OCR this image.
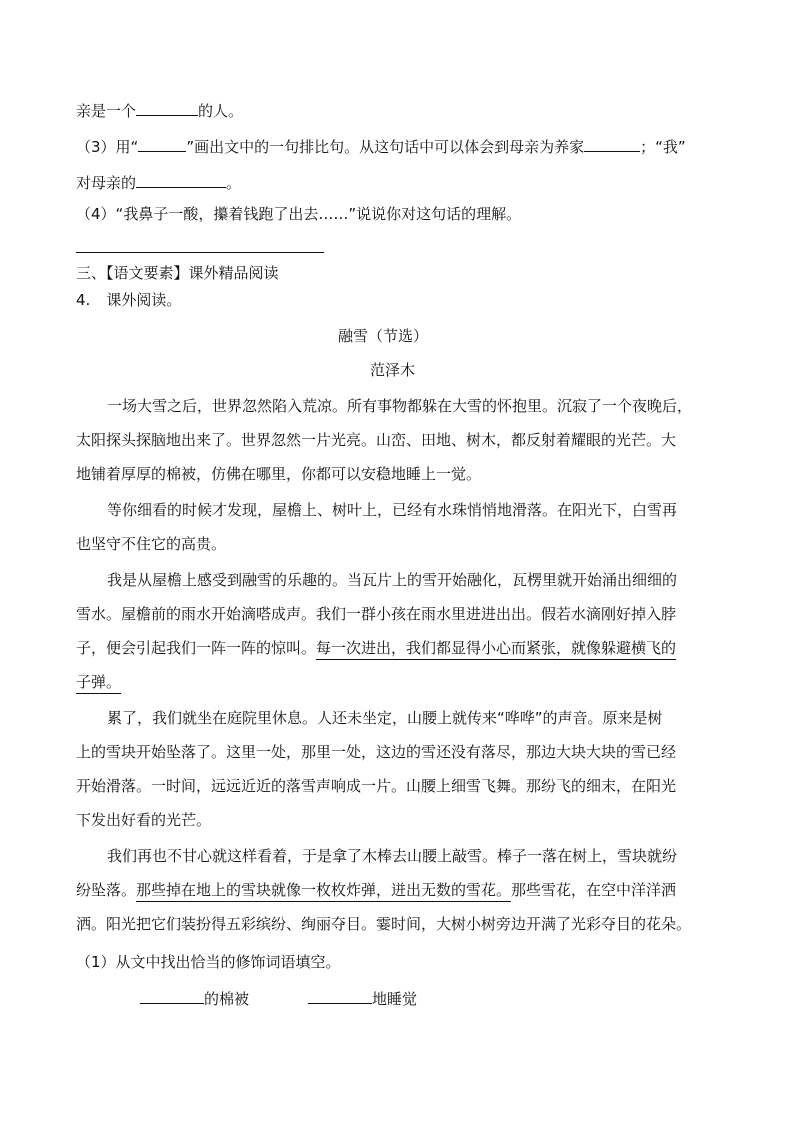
亲是一个	的人。
（3）用“	”画出文中的一句排比句。从这句话中可以体会到母亲为养家	；“我”
对母亲的	。
（4）“我鼻子一酸，攥着钱跑了出去……”说说你对这句话的理解。
三、【语文要素】课外精品阅读
4. 课外阅读。
融雪（节选）
范泽木
一场大雪之后，世界忽然陷入荒凉。所有事物都躲在大雪的怀抱里。沉寂了一个夜晚后，
太阳探头探脑地出来了。世界忽然一片光亮。山峦、田地、树木，都反射着耀眼的光芒。大
地铺着厚厚的棉被，仿佛在哪里，你都可以安稳地睡上一觉。
等你细看的时候才发现，屋檐上、树叶上，已经有水珠悄悄地滑落。在阳光下，白雪再
也坚守不住它的高贵。
我是从屋檐上感受到融雪的乐趣的。当瓦片上的雪开始融化，瓦楞里就开始涌出细细的
雪水。屋檐前的雨水开始滴嗒成声。我们一群小孩在雨水里进进出出。假若水滴刚好掉入脖
子，便会引起我们一阵一阵的惊叫。每一次进出，我们都显得小心而紧张，就像躲避横飞的
子弹。
累了，我们就坐在庭院里休息。人还未坐定，山腰上就传来“哗哗”的声音。原来是树
上的雪块开始坠落了。这里一处，那里一处，这边的雪还没有落尽，那边大块大块的雪已经
开始滑落。一时间，远远近近的落雪声响成一片。山腰上细雪飞舞。那纷飞的细末，在阳光
下发出好看的光芒。
我们再也不甘心就这样看着，于是拿了木棒去山腰上敲雪。棒子一落在树上，雪块就纷
纷坠落。那些掉在地上的雪块就像一枚枚炸弹，迸出无数的雪花。那些雪花，在空中洋洋洒
洒。阳光把它们装扮得五彩缤纷、绚丽夺目。霎时间，大树小树旁边开满了光彩夺目的花朵。
（1）从文中找出恰当的修饰词语填空。
的棉被	地睡觉
